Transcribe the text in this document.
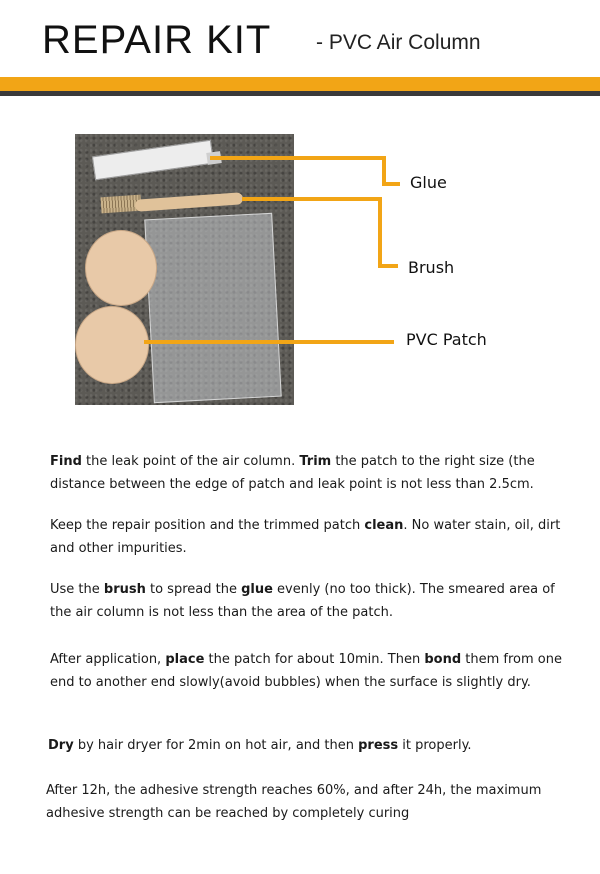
REPAIR KIT - PVC Air Column
Glue
Brush
PVC Patch

Find the leak point of the air column. Trim the patch to the right size (the distance between the edge of patch and leak point is not less than 2.5cm.

Keep the repair position and the trimmed patch clean. No water stain, oil, dirt and other impurities.

Use the brush to spread the glue evenly (no too thick). The smeared area of the air column is not less than the area of the patch.

After application, place the patch for about 10min. Then bond them from one end to another end slowly(avoid bubbles) when the surface is slightly dry.

Dry by hair dryer for 2min on hot air, and then press it properly.

After 12h, the adhesive strength reaches 60%, and after 24h, the maximum adhesive strength can be reached by completely curing
